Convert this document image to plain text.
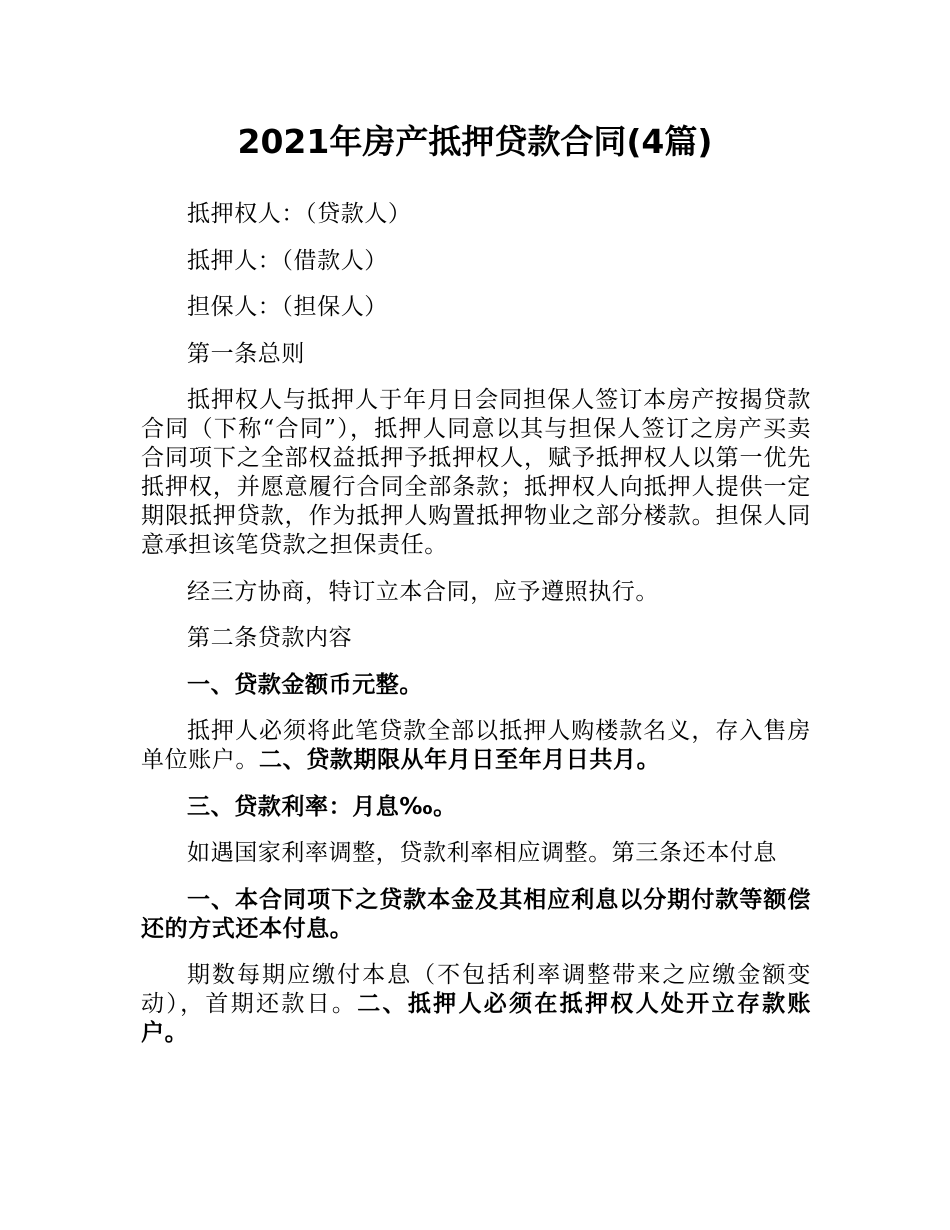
2021年房产抵押贷款合同(4篇)

抵押权人：（贷款人）

抵押人：（借款人）

担保人：（担保人）

第一条总则

抵押权人与抵押人于年月日会同担保人签订本房产按揭贷款合同（下称“合同”），抵押人同意以其与担保人签订之房产买卖合同项下之全部权益抵押予抵押权人，赋予抵押权人以第一优先抵押权，并愿意履行合同全部条款；抵押权人向抵押人提供一定期限抵押贷款，作为抵押人购置抵押物业之部分楼款。担保人同意承担该笔贷款之担保责任。

经三方协商，特订立本合同，应予遵照执行。

第二条贷款内容

一、贷款金额币元整。

抵押人必须将此笔贷款全部以抵押人购楼款名义，存入售房单位账户。二、贷款期限从年月日至年月日共月。

三、贷款利率：月息‰。

如遇国家利率调整，贷款利率相应调整。第三条还本付息

一、本合同项下之贷款本金及其相应利息以分期付款等额偿还的方式还本付息。

期数每期应缴付本息（不包括利率调整带来之应缴金额变动），首期还款日。二、抵押人必须在抵押权人处开立存款账户。
